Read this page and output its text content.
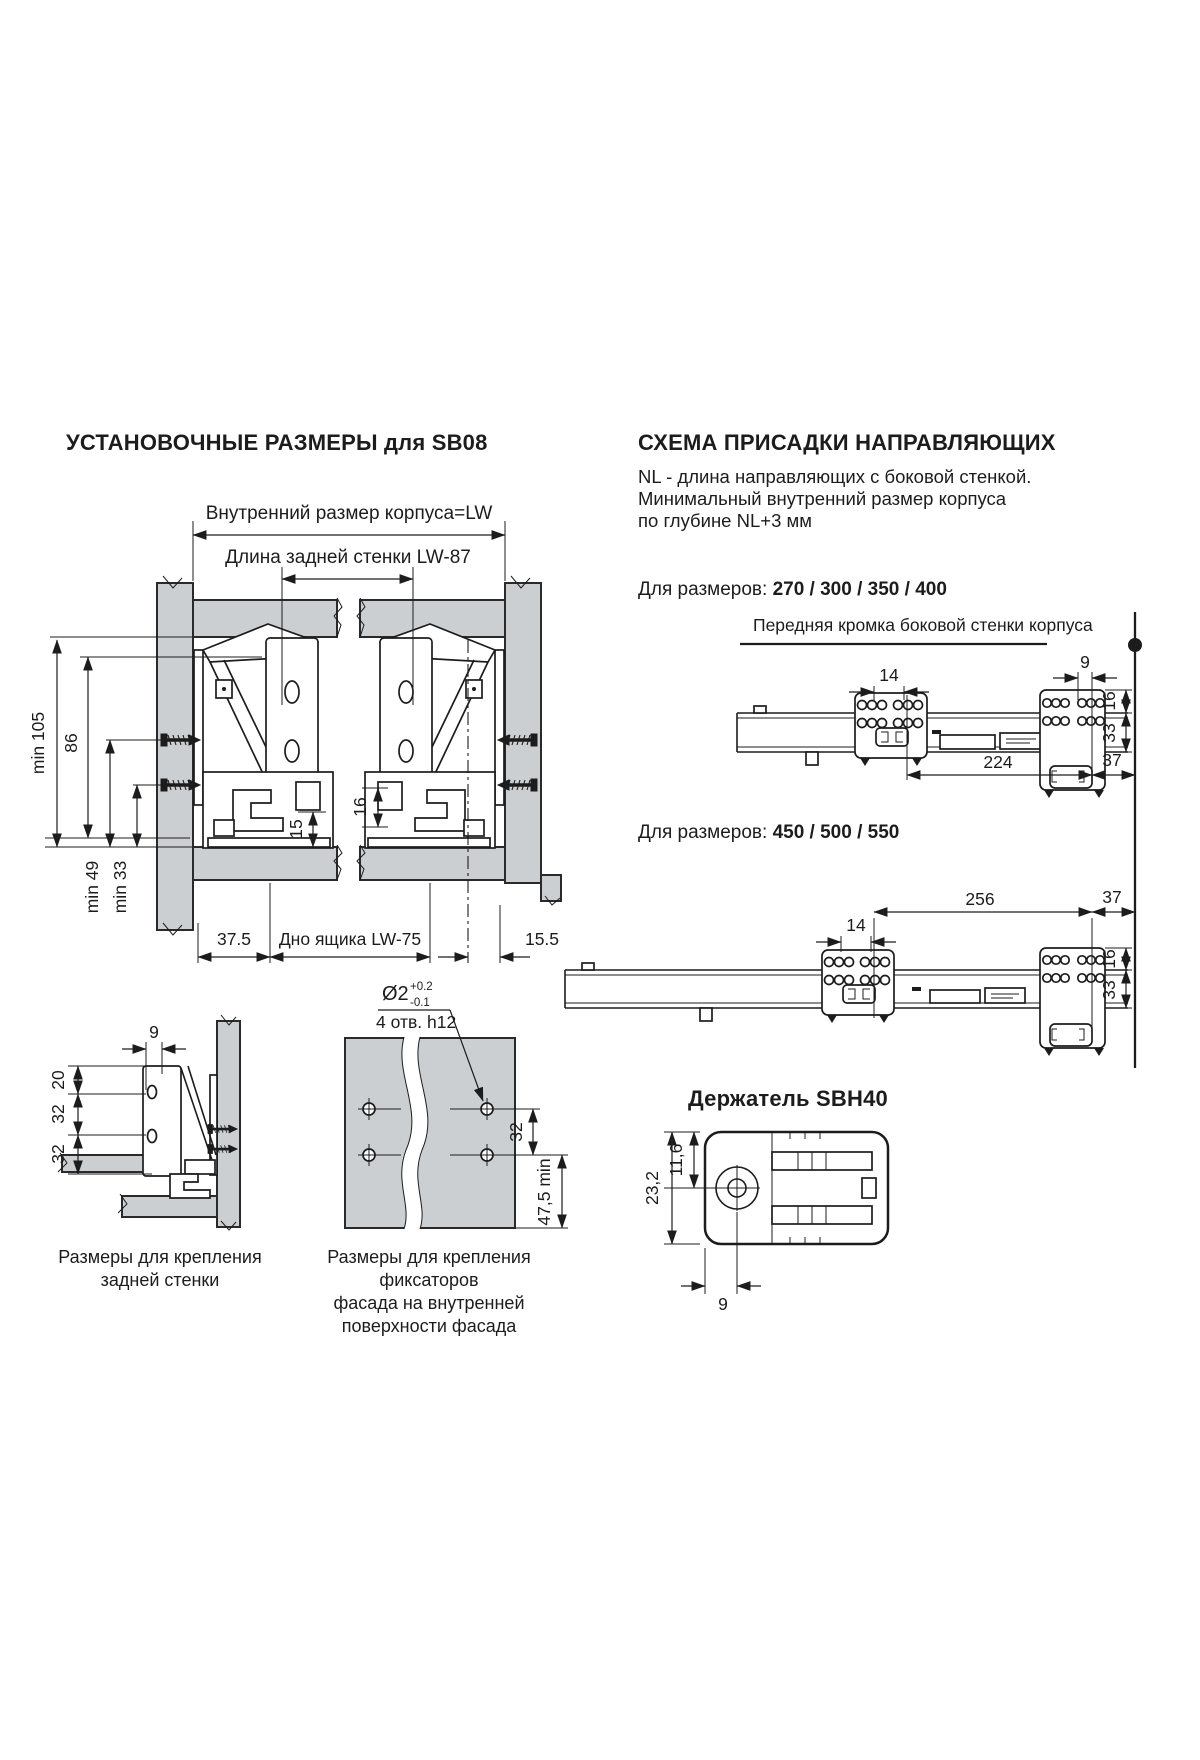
УСТАНОВОЧНЫЕ РАЗМЕРЫ для SB08	СХЕМА ПРИСАДКИ НАПРАВЛЯЮЩИХ
NL - длина направляющих с боковой стенкой.
Минимальный внутренний размер корпуса
по глубине NL+3 мм
Для размеров: 270 / 300 / 350 / 400
Передняя кромка боковой стенки корпуса
Для размеров: 450 / 500 / 550
Держатель SBH40
Размеры для крепления
задней стенки
Размеры для крепления фиксаторов
фасада на внутренней
поверхности фасада
Внутренний размер корпуса=LW
Длина задней стенки LW-87
min 105 86
min 49 min 33
15
16
37.5 Дно ящика LW-75	15.5
9
20
32
32
Ø2 +0.2
-0.1
4 отв. h12
32
47,5 min
14
9
16
33
224	37
256	37
14
16
33
23,2
11,6
9
